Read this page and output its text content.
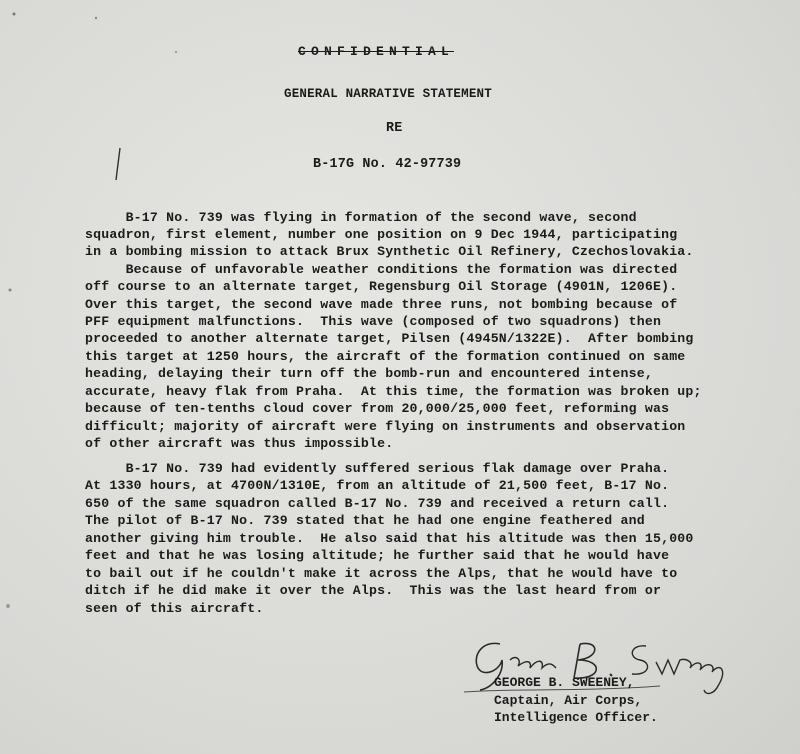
CONFIDENTIAL
GENERAL NARRATIVE STATEMENT
RE
B-17G No. 42-97739
B-17 No. 739 was flying in formation of the second wave, second
squadron, first element, number one position on 9 Dec 1944, participating
in a bombing mission to attack Brux Synthetic Oil Refinery, Czechoslovakia.
Because of unfavorable weather conditions the formation was directed
off course to an alternate target, Regensburg Oil Storage (4901N, 1206E).
Over this target, the second wave made three runs, not bombing because of
PFF equipment malfunctions.  This wave (composed of two squadrons) then
proceeded to another alternate target, Pilsen (4945N/1322E).  After bombing
this target at 1250 hours, the aircraft of the formation continued on same
heading, delaying their turn off the bomb-run and encountered intense,
accurate, heavy flak from Praha.  At this time, the formation was broken up;
because of ten-tenths cloud cover from 20,000/25,000 feet, reforming was
difficult; majority of aircraft were flying on instruments and observation
of other aircraft was thus impossible.
B-17 No. 739 had evidently suffered serious flak damage over Praha.
At 1330 hours, at 4700N/1310E, from an altitude of 21,500 feet, B-17 No.
650 of the same squadron called B-17 No. 739 and received a return call.
The pilot of B-17 No. 739 stated that he had one engine feathered and
another giving him trouble.  He also said that his altitude was then 15,000
feet and that he was losing altitude; he further said that he would have
to bail out if he couldn't make it across the Alps, that he would have to
ditch if he did make it over the Alps.  This was the last heard from or
seen of this aircraft.
GEORGE B. SWEENEY,
Captain, Air Corps,
Intelligence Officer.
